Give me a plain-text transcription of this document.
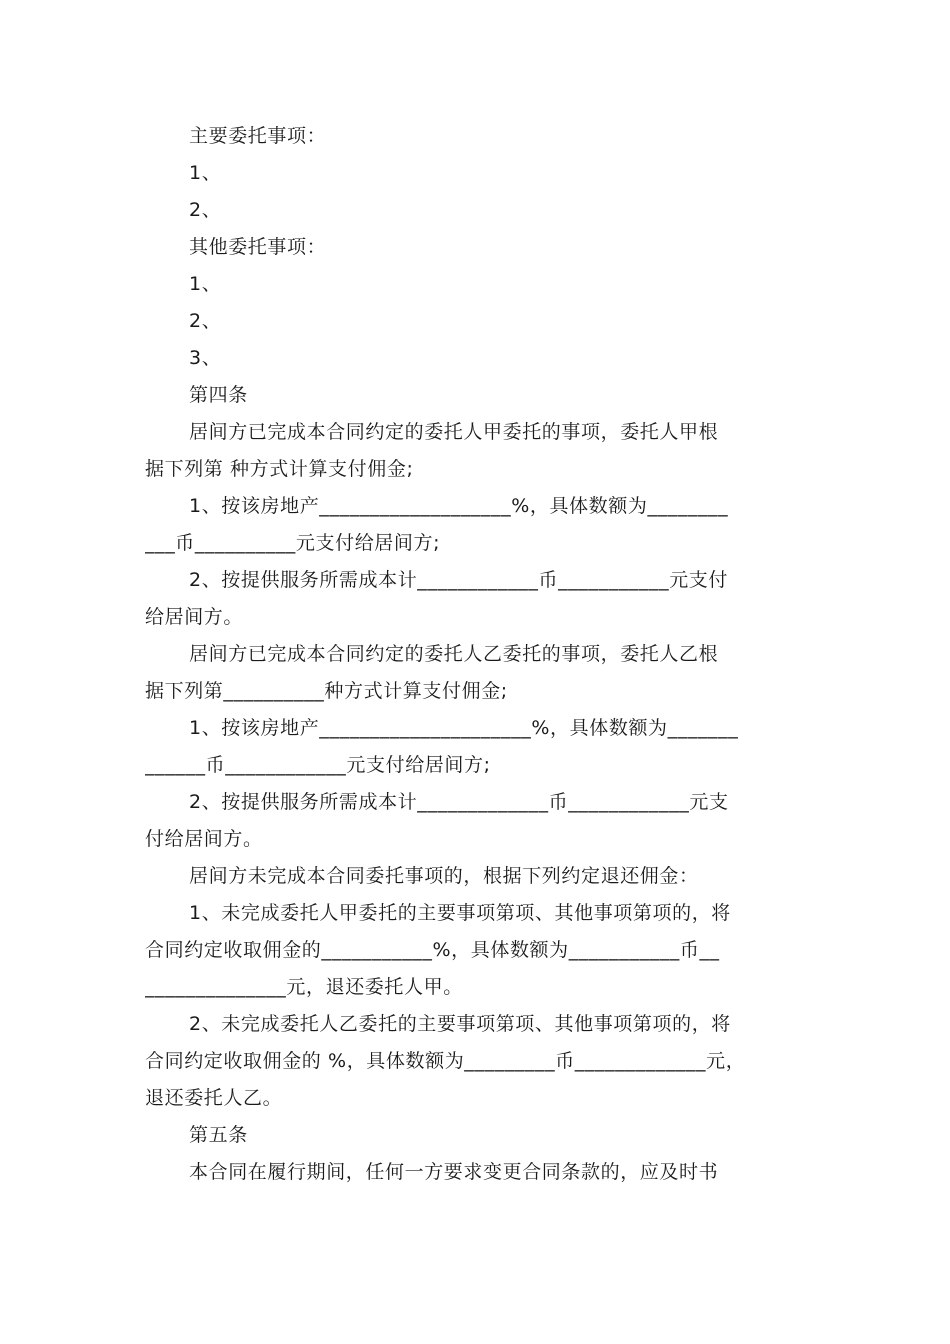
主要委托事项：
1、
2、
其他委托事项：
1、
2、
3、
第四条
居间方已完成本合同约定的委托人甲委托的事项，委托人甲根
据下列第 种方式计算支付佣金;
1、按该房地产___________________%，具体数额为________
___币__________元支付给居间方;
2、按提供服务所需成本计____________币___________元支付
给居间方。
居间方已完成本合同约定的委托人乙委托的事项，委托人乙根
据下列第__________种方式计算支付佣金;
1、按该房地产_____________________%，具体数额为_______
______币____________元支付给居间方;
2、按提供服务所需成本计_____________币____________元支
付给居间方。
居间方未完成本合同委托事项的，根据下列约定退还佣金：
1、未完成委托人甲委托的主要事项第项、其他事项第项的，将
合同约定收取佣金的___________%，具体数额为___________币__
______________元，退还委托人甲。
2、未完成委托人乙委托的主要事项第项、其他事项第项的，将
合同约定收取佣金的 %，具体数额为_________币_____________元，
退还委托人乙。
第五条
本合同在履行期间，任何一方要求变更合同条款的，应及时书
